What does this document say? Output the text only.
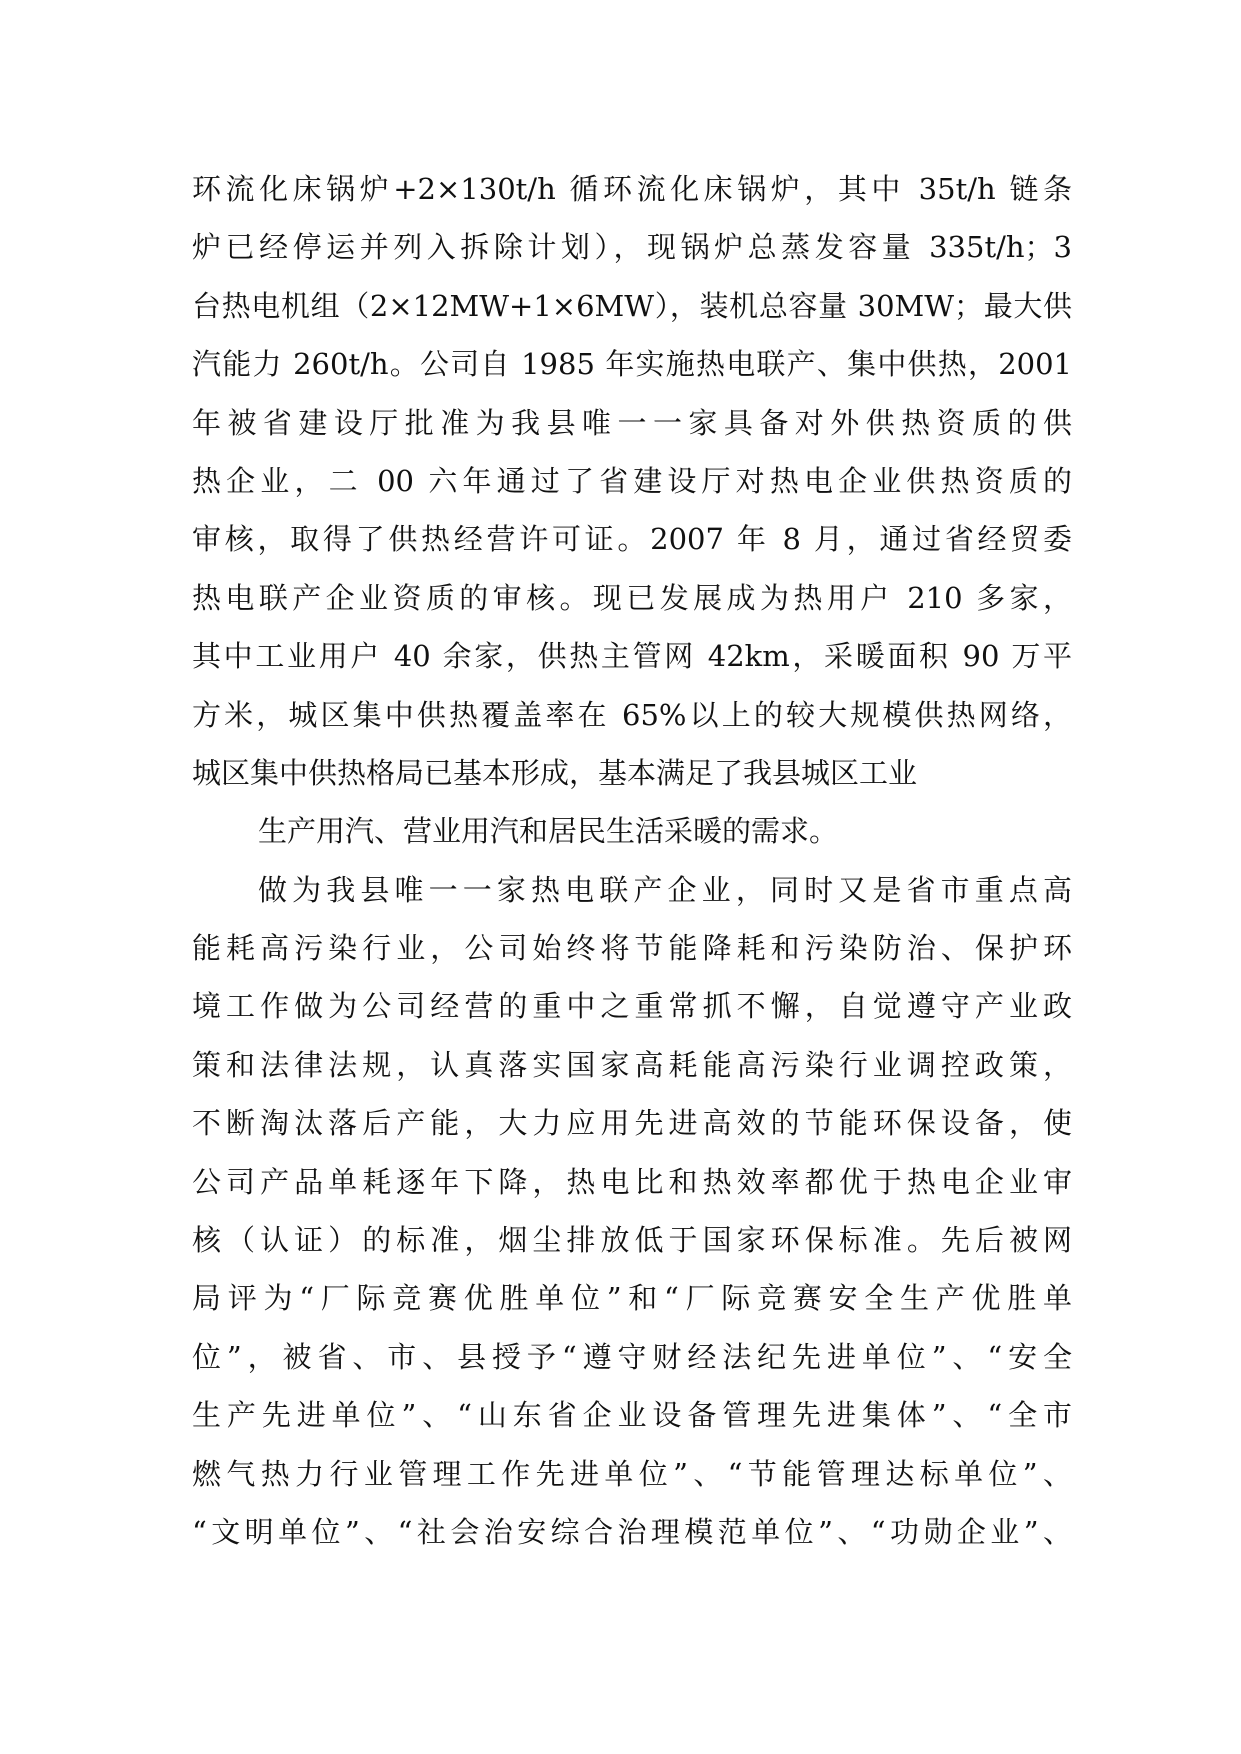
环流化床锅炉+2×130t/h 循环流化床锅炉，其中 35t/h 链条
炉已经停运并列入拆除计划），现锅炉总蒸发容量 335t/h；3
台热电机组（2×12MW+1×6MW），装机总容量 30MW；最大供
汽能力 260t/h。公司自 1985 年实施热电联产、集中供热，2001
年被省建设厅批准为我县唯一一家具备对外供热资质的供
热企业，二 00 六年通过了省建设厅对热电企业供热资质的
审核，取得了供热经营许可证。2007 年 8 月，通过省经贸委
热电联产企业资质的审核。现已发展成为热用户 210 多家，
其中工业用户 40 余家，供热主管网 42km，采暖面积 90 万平
方米，城区集中供热覆盖率在 65%以上的较大规模供热网络，
城区集中供热格局已基本形成，基本满足了我县城区工业
生产用汽、营业用汽和居民生活采暖的需求。
做为我县唯一一家热电联产企业，同时又是省市重点高
能耗高污染行业，公司始终将节能降耗和污染防治、保护环
境工作做为公司经营的重中之重常抓不懈，自觉遵守产业政
策和法律法规，认真落实国家高耗能高污染行业调控政策，
不断淘汰落后产能，大力应用先进高效的节能环保设备，使
公司产品单耗逐年下降，热电比和热效率都优于热电企业审
核（认证）的标准，烟尘排放低于国家环保标准。先后被网
局评为“厂际竞赛优胜单位”和“厂际竞赛安全生产优胜单
位”，被省、市、县授予“遵守财经法纪先进单位”、“安全
生产先进单位”、“山东省企业设备管理先进集体”、“全市
燃气热力行业管理工作先进单位”、“节能管理达标单位”、
“文明单位”、“社会治安综合治理模范单位”、“功勋企业”、
